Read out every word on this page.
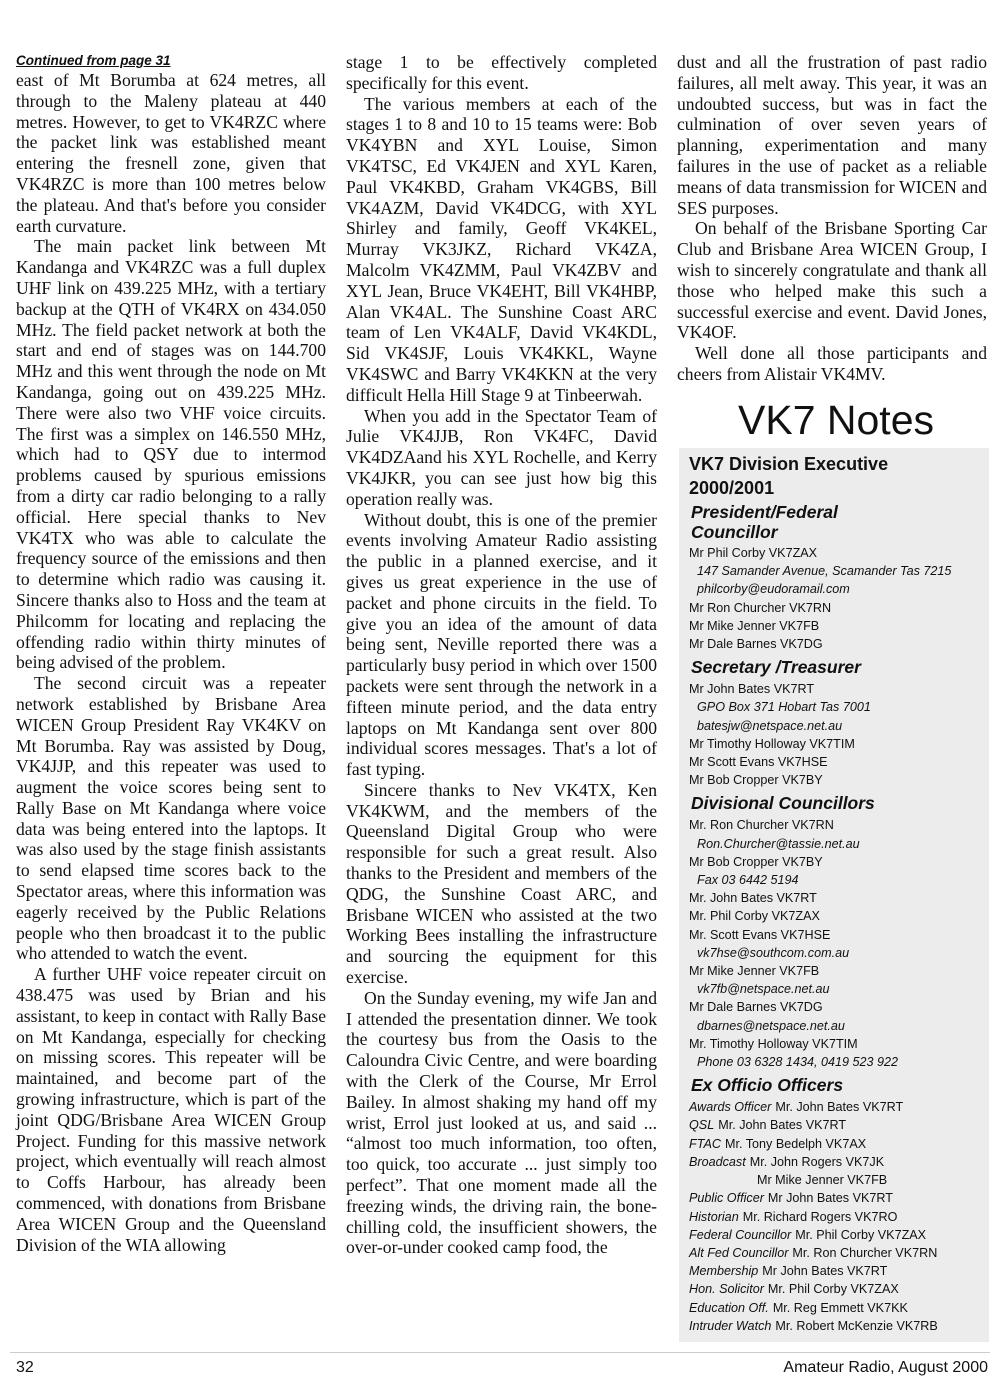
Continued from page 31

east of Mt Borumba at 624 metres, all through to the Maleny plateau at 440 metres. However, to get to VK4RZC where the packet link was established meant entering the fresnell zone, given that VK4RZC is more than 100 metres below the plateau. And that's before you consider earth curvature.

The main packet link between Mt Kandanga and VK4RZC was a full duplex UHF link on 439.225 MHz, with a tertiary backup at the QTH of VK4RX on 434.050 MHz. The field packet network at both the start and end of stages was on 144.700 MHz and this went through the node on Mt Kandanga, going out on 439.225 MHz. There were also two VHF voice circuits. The first was a simplex on 146.550 MHz, which had to QSY due to intermod problems caused by spurious emissions from a dirty car radio belonging to a rally official. Here special thanks to Nev VK4TX who was able to calculate the frequency source of the emissions and then to determine which radio was causing it. Sincere thanks also to Hoss and the team at Philcomm for locating and replacing the offending radio within thirty minutes of being advised of the problem.

The second circuit was a repeater network established by Brisbane Area WICEN Group President Ray VK4KV on Mt Borumba. Ray was assisted by Doug, VK4JJP, and this repeater was used to augment the voice scores being sent to Rally Base on Mt Kandanga where voice data was being entered into the laptops. It was also used by the stage finish assistants to send elapsed time scores back to the Spectator areas, where this information was eagerly received by the Public Relations people who then broadcast it to the public who attended to watch the event.

A further UHF voice repeater circuit on 438.475 was used by Brian and his assistant, to keep in contact with Rally Base on Mt Kandanga, especially for checking on missing scores. This repeater will be maintained, and become part of the growing infrastructure, which is part of the joint QDG/Brisbane Area WICEN Group Project. Funding for this massive network project, which eventually will reach almost to Coffs Harbour, has already been commenced, with donations from Brisbane Area WICEN Group and the Queensland Division of the WIA allowing

stage 1 to be effectively completed specifically for this event.

The various members at each of the stages 1 to 8 and 10 to 15 teams were: Bob VK4YBN and XYL Louise, Simon VK4TSC, Ed VK4JEN and XYL Karen, Paul VK4KBD, Graham VK4GBS, Bill VK4AZM, David VK4DCG, with XYL Shirley and family, Geoff VK4KEL, Murray VK3JKZ, Richard VK4ZA, Malcolm VK4ZMM, Paul VK4ZBV and XYL Jean, Bruce VK4EHT, Bill VK4HBP, Alan VK4AL. The Sunshine Coast ARC team of Len VK4ALF, David VK4KDL, Sid VK4SJF, Louis VK4KKL, Wayne VK4SWC and Barry VK4KKN at the very difficult Hella Hill Stage 9 at Tinbeerwah.

When you add in the Spectator Team of Julie VK4JJB, Ron VK4FC, David VK4DZAand his XYL Rochelle, and Kerry VK4JKR, you can see just how big this operation really was.

Without doubt, this is one of the premier events involving Amateur Radio assisting the public in a planned exercise, and it gives us great experience in the use of packet and phone circuits in the field. To give you an idea of the amount of data being sent, Neville reported there was a particularly busy period in which over 1500 packets were sent through the network in a fifteen minute period, and the data entry laptops on Mt Kandanga sent over 800 individual scores messages. That's a lot of fast typing.

Sincere thanks to Nev VK4TX, Ken VK4KWM, and the members of the Queensland Digital Group who were responsible for such a great result. Also thanks to the President and members of the QDG, the Sunshine Coast ARC, and Brisbane WICEN who assisted at the two Working Bees installing the infrastructure and sourcing the equipment for this exercise.

On the Sunday evening, my wife Jan and I attended the presentation dinner. We took the courtesy bus from the Oasis to the Caloundra Civic Centre, and were boarding with the Clerk of the Course, Mr Errol Bailey. In almost shaking my hand off my wrist, Errol just looked at us, and said ... “almost too much information, too often, too quick, too accurate ... just simply too perfect”. That one moment made all the freezing winds, the driving rain, the bone-chilling cold, the insufficient showers, the over-or-under cooked camp food, the

dust and all the frustration of past radio failures, all melt away. This year, it was an undoubted success, but was in fact the culmination of over seven years of planning, experimentation and many failures in the use of packet as a reliable means of data transmission for WICEN and SES purposes.

On behalf of the Brisbane Sporting Car Club and Brisbane Area WICEN Group, I wish to sincerely congratulate and thank all those who helped make this such a successful exercise and event. David Jones, VK4OF.

Well done all those participants and cheers from Alistair VK4MV.

VK7 Notes
VK7 Division Executive
2000/2001
President/Federal
Councillor
Mr Phil Corby VK7ZAX
147 Samander Avenue, Scamander Tas 7215
philcorby@eudoramail.com
Mr Ron Churcher VK7RN
Mr Mike Jenner VK7FB
Mr Dale Barnes VK7DG
Secretary /Treasurer
Mr John Bates VK7RT
GPO Box 371 Hobart Tas 7001
batesjw@netspace.net.au
Mr Timothy Holloway VK7TIM
Mr Scott Evans VK7HSE
Mr Bob Cropper VK7BY
Divisional Councillors
Mr. Ron Churcher VK7RN
Ron.Churcher@tassie.net.au
Mr Bob Cropper VK7BY
Fax 03 6442 5194
Mr. John Bates VK7RT
Mr. Phil Corby VK7ZAX
Mr. Scott Evans VK7HSE
vk7hse@southcom.com.au
Mr Mike Jenner VK7FB
vk7fb@netspace.net.au
Mr Dale Barnes VK7DG
dbarnes@netspace.net.au
Mr. Timothy Holloway VK7TIM
Phone 03 6328 1434, 0419 523 922
Ex Officio Officers
Awards Officer Mr. John Bates VK7RT
QSL Mr. John Bates VK7RT
FTAC Mr. Tony Bedelph VK7AX
Broadcast Mr. John Rogers VK7JK
Mr Mike Jenner VK7FB
Public Officer Mr John Bates VK7RT
Historian Mr. Richard Rogers VK7RO
Federal Councillor Mr. Phil Corby VK7ZAX
Alt Fed Councillor Mr. Ron Churcher VK7RN
Membership Mr John Bates VK7RT
Hon. Solicitor Mr. Phil Corby VK7ZAX
Education Off. Mr. Reg Emmett VK7KK
Intruder Watch Mr. Robert McKenzie VK7RB
32	Amateur Radio, August 2000
